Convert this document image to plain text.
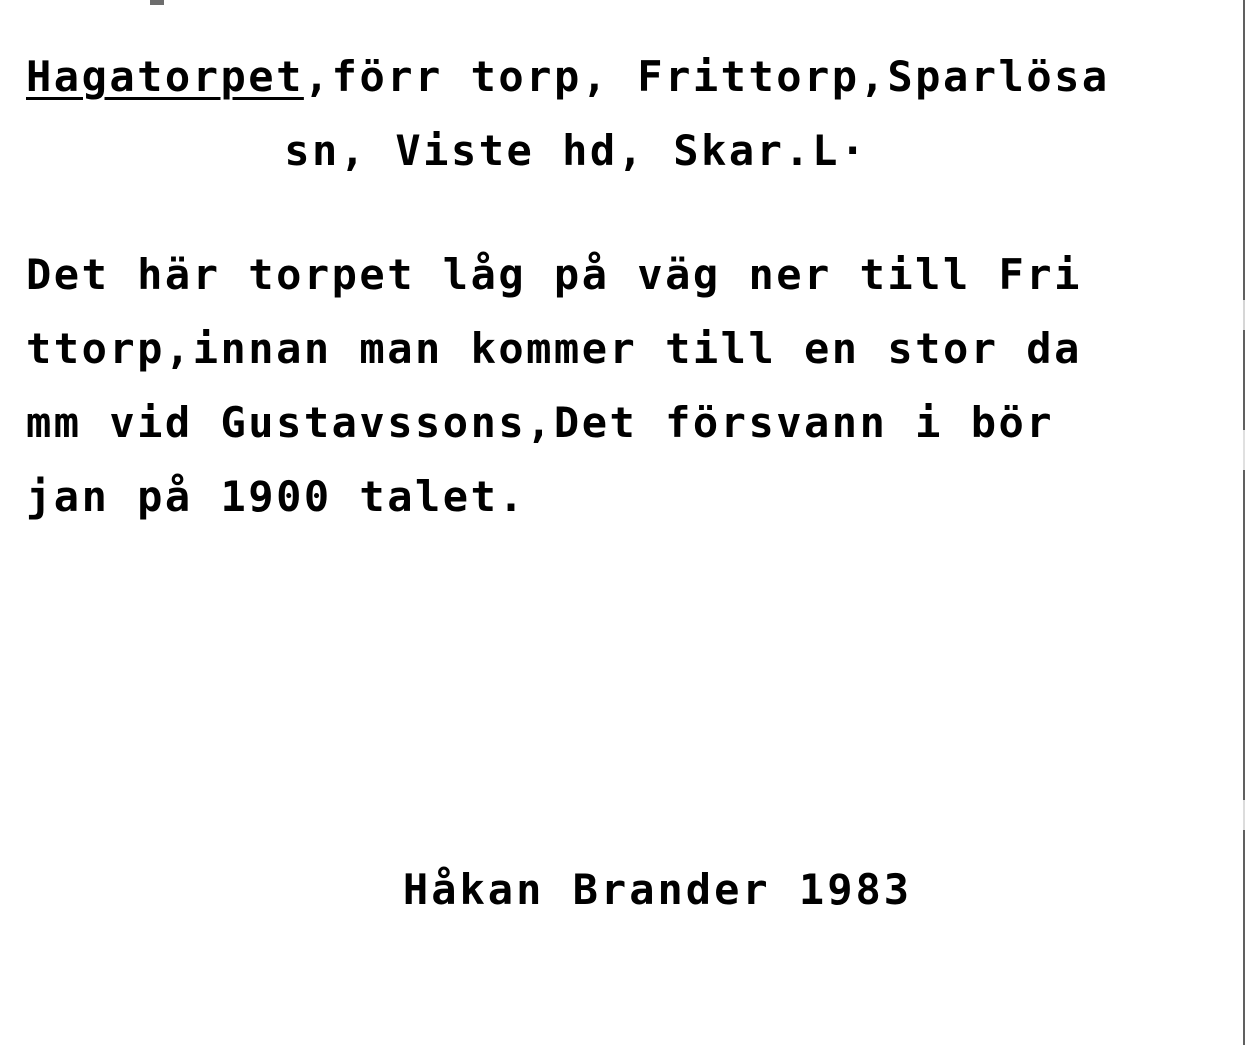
Hagatorpet,förr torp, Frittorp,Sparlösa
sn, Viste hd, Skar.L·
Det här torpet låg på väg ner till Fri
ttorp,innan man kommer till en stor da
mm vid Gustavssons,Det försvann i bör
jan på 1900 talet.
Håkan Brander 1983
